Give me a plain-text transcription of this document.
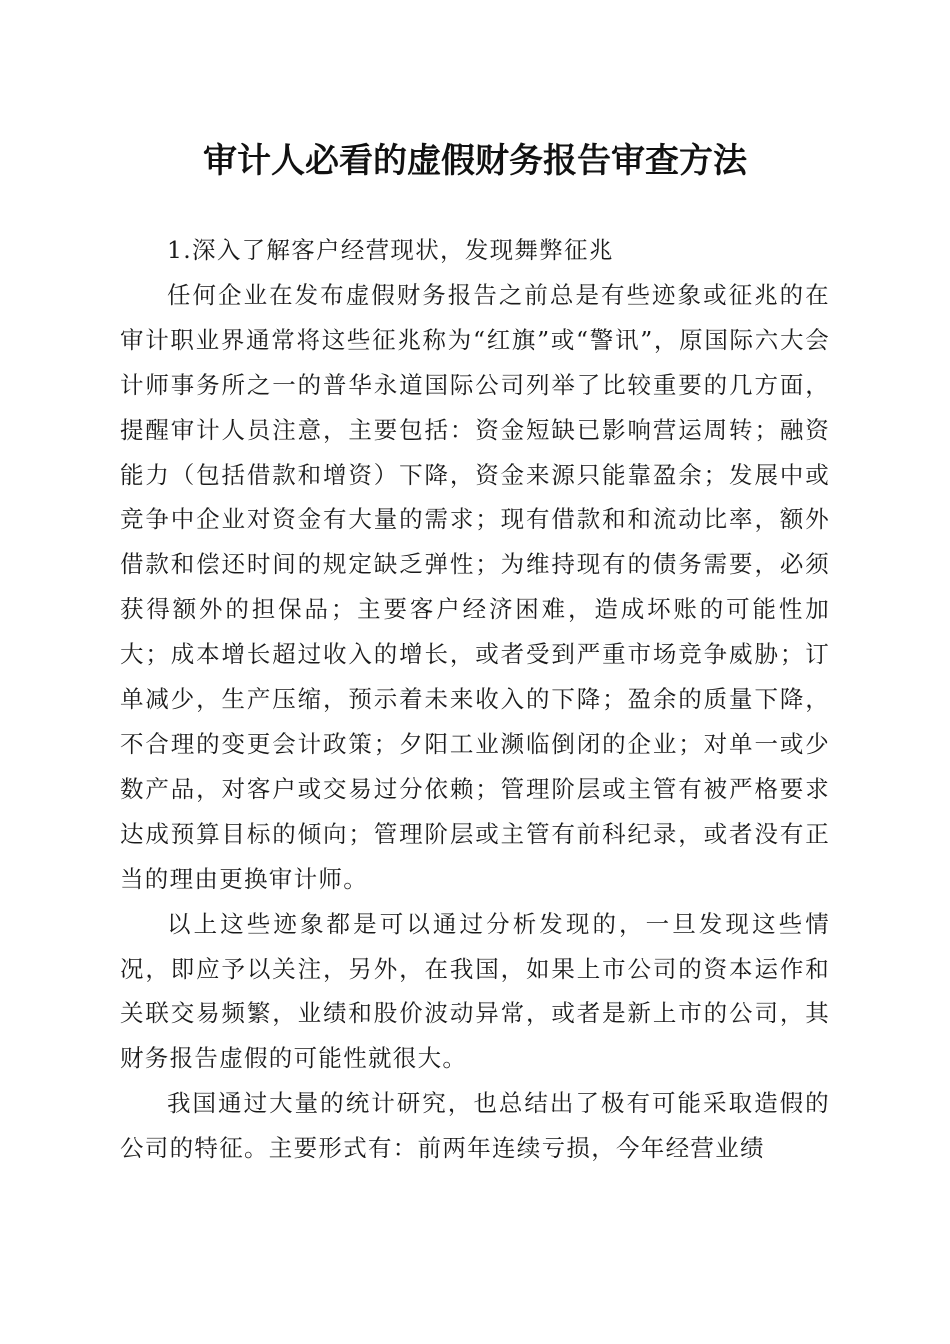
审计人必看的虚假财务报告审查方法

1.深入了解客户经营现状，发现舞弊征兆

任何企业在发布虚假财务报告之前总是有些迹象或征兆的在审计职业界通常将这些征兆称为“红旗”或“警讯”，原国际六大会计师事务所之一的普华永道国际公司列举了比较重要的几方面，提醒审计人员注意，主要包括：资金短缺已影响营运周转；融资能力（包括借款和增资）下降，资金来源只能靠盈余；发展中或竞争中企业对资金有大量的需求；现有借款和和流动比率，额外借款和偿还时间的规定缺乏弹性；为维持现有的债务需要，必须获得额外的担保品；主要客户经济困难，造成坏账的可能性加大；成本增长超过收入的增长，或者受到严重市场竞争威胁；订单减少，生产压缩，预示着未来收入的下降；盈余的质量下降，不合理的变更会计政策；夕阳工业濒临倒闭的企业；对单一或少数产品，对客户或交易过分依赖；管理阶层或主管有被严格要求达成预算目标的倾向；管理阶层或主管有前科纪录，或者没有正当的理由更换审计师。

以上这些迹象都是可以通过分析发现的，一旦发现这些情况，即应予以关注，另外，在我国，如果上市公司的资本运作和关联交易频繁，业绩和股价波动异常，或者是新上市的公司，其财务报告虚假的可能性就很大。

我国通过大量的统计研究，也总结出了极有可能采取造假的公司的特征。主要形式有：前两年连续亏损，今年经营业绩
